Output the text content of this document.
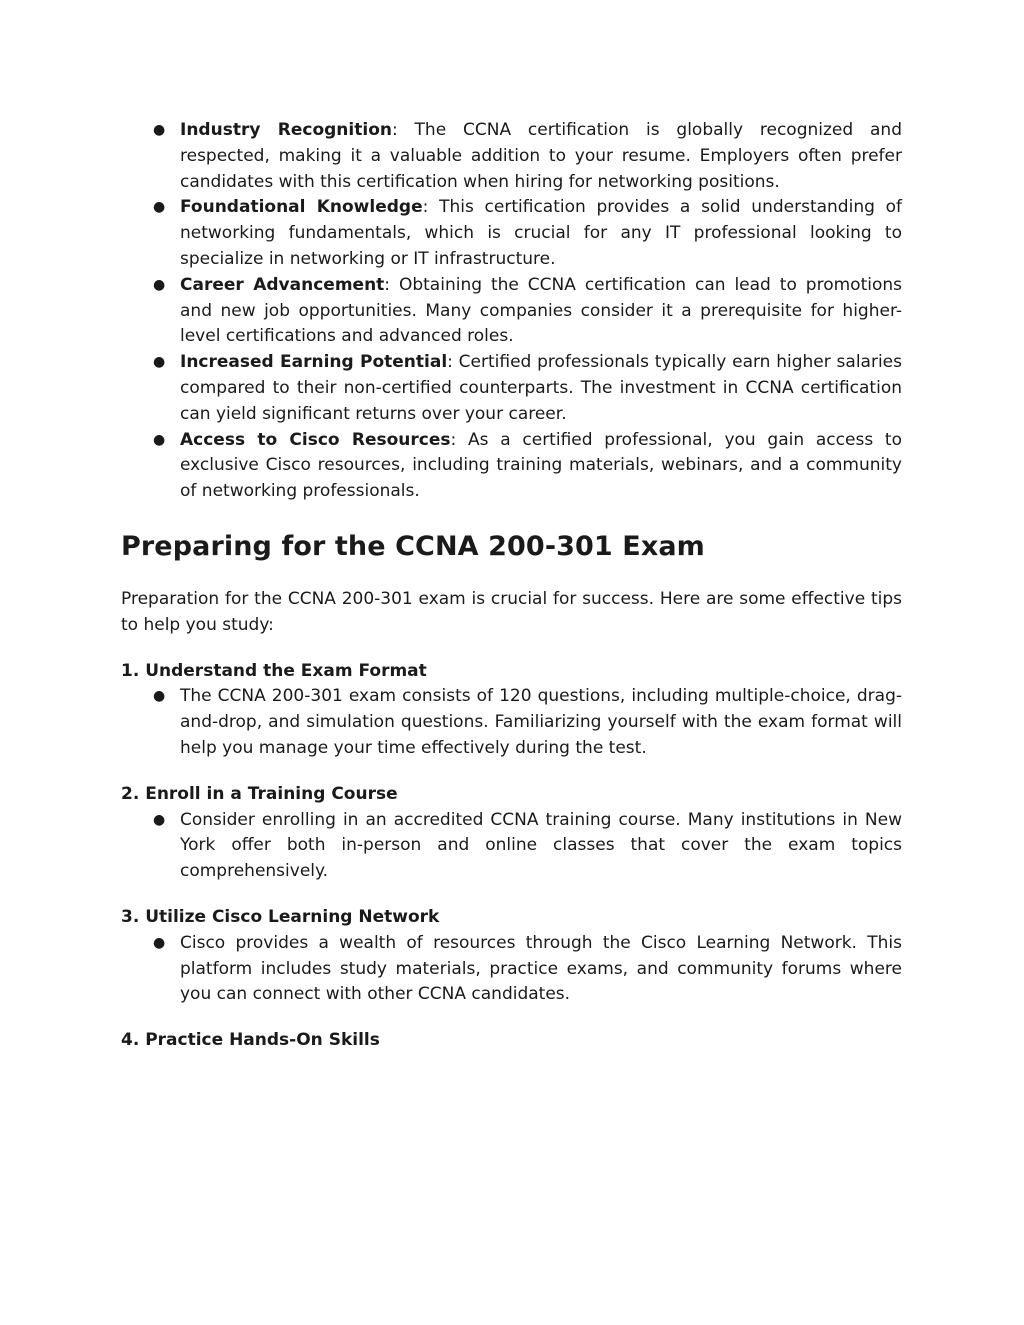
● Industry Recognition: The CCNA certification is globally recognized and respected, making it a valuable addition to your resume. Employers often prefer candidates with this certification when hiring for networking positions.
● Foundational Knowledge: This certification provides a solid understanding of networking fundamentals, which is crucial for any IT professional looking to specialize in networking or IT infrastructure.
● Career Advancement: Obtaining the CCNA certification can lead to promotions and new job opportunities. Many companies consider it a prerequisite for higher-level certifications and advanced roles.
● Increased Earning Potential: Certified professionals typically earn higher salaries compared to their non-certified counterparts. The investment in CCNA certification can yield significant returns over your career.
● Access to Cisco Resources: As a certified professional, you gain access to exclusive Cisco resources, including training materials, webinars, and a community of networking professionals.
Preparing for the CCNA 200-301 Exam

Preparation for the CCNA 200-301 exam is crucial for success. Here are some effective tips to help you study:

1. Understand the Exam Format
● The CCNA 200-301 exam consists of 120 questions, including multiple-choice, drag-and-drop, and simulation questions. Familiarizing yourself with the exam format will help you manage your time effectively during the test.
2. Enroll in a Training Course
● Consider enrolling in an accredited CCNA training course. Many institutions in New York offer both in-person and online classes that cover the exam topics comprehensively.
3. Utilize Cisco Learning Network
● Cisco provides a wealth of resources through the Cisco Learning Network. This platform includes study materials, practice exams, and community forums where you can connect with other CCNA candidates.
4. Practice Hands-On Skills
